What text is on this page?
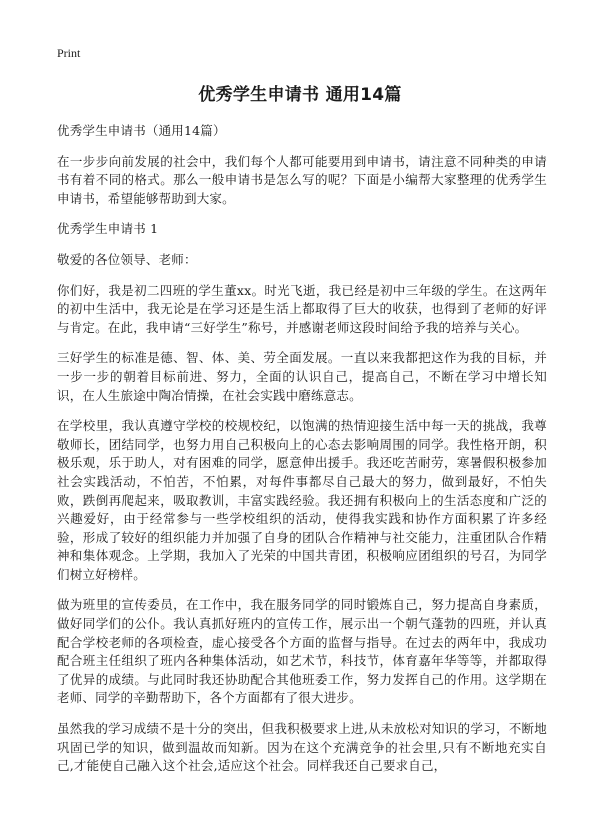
Print
优秀学生申请书 通用14篇

优秀学生申请书（通用14篇）

在一步步向前发展的社会中，我们每个人都可能要用到申请书，请注意不同种类的申请书有着不同的格式。那么一般申请书是怎么写的呢？下面是小编帮大家整理的优秀学生申请书，希望能够帮助到大家。

优秀学生申请书 1

敬爱的各位领导、老师：

你们好，我是初二四班的学生董xx。时光飞逝，我已经是初中三年级的学生。在这两年的初中生活中，我无论是在学习还是生活上都取得了巨大的收获，也得到了老师的好评与肯定。在此，我申请“三好学生”称号，并感谢老师这段时间给予我的培养与关心。

三好学生的标准是德、智、体、美、劳全面发展。一直以来我都把这作为我的目标，并一步一步的朝着目标前进、努力，全面的认识自己，提高自己，不断在学习中增长知识，在人生旅途中陶冶情操，在社会实践中磨练意志。

在学校里，我认真遵守学校的校规校纪，以饱满的热情迎接生活中每一天的挑战，我尊敬师长，团结同学，也努力用自己积极向上的心态去影响周围的同学。我性格开朗，积极乐观，乐于助人，对有困难的同学，愿意伸出援手。我还吃苦耐劳，寒暑假积极参加社会实践活动，不怕苦，不怕累，对每件事都尽自己最大的努力，做到最好，不怕失败，跌倒再爬起来，吸取教训，丰富实践经验。我还拥有积极向上的生活态度和广泛的兴趣爱好，由于经常参与一些学校组织的活动，使得我实践和协作方面积累了许多经验，形成了较好的组织能力并加强了自身的团队合作精神与社交能力，注重团队合作精神和集体观念。上学期，我加入了光荣的中国共青团，积极响应团组织的号召，为同学们树立好榜样。

做为班里的宣传委员，在工作中，我在服务同学的同时锻炼自己，努力提高自身素质，做好同学们的公仆。我认真抓好班内的宣传工作，展示出一个朝气蓬勃的四班，并认真配合学校老师的各项检查，虚心接受各个方面的监督与指导。在过去的两年中，我成功配合班主任组织了班内各种集体活动，如艺术节，科技节，体育嘉年华等等，并都取得了优异的成绩。与此同时我还协助配合其他班委工作，努力发挥自己的作用。这学期在老师、同学的辛勤帮助下，各个方面都有了很大进步。

虽然我的学习成绩不是十分的突出，但我积极要求上进,从未放松对知识的学习，不断地巩固已学的知识，做到温故而知新。因为在这个充满竞争的社会里,只有不断地充实自己,才能使自己融入这个社会,适应这个社会。同样我还自己要求自己，
